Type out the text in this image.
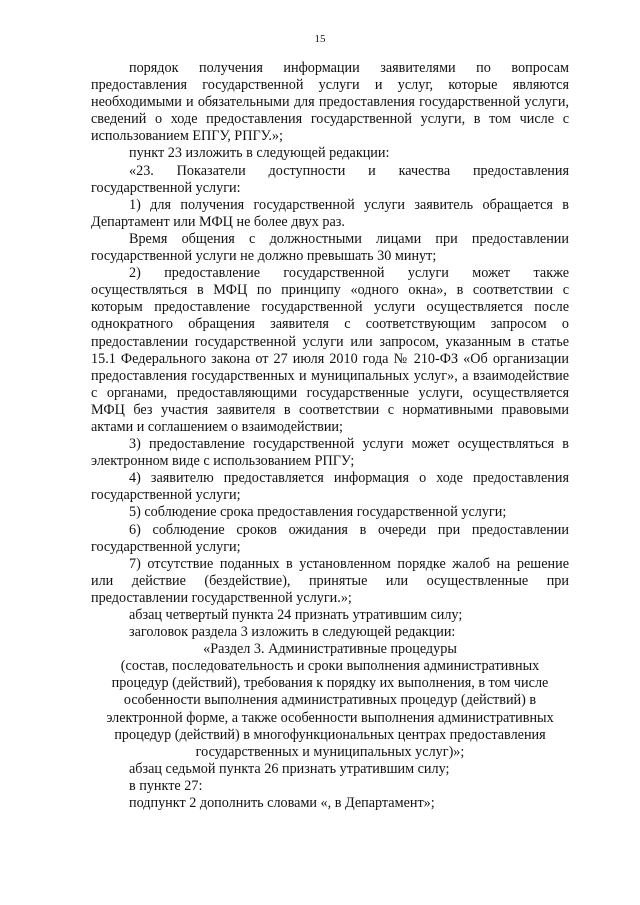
15

порядок получения информации заявителями по вопросам предоставления государственной услуги и услуг, которые являются необходимыми и обязательными для предоставления государственной услуги, сведений о ходе предоставления государственной услуги, в том числе с использованием ЕПГУ, РПГУ.»;

пункт 23 изложить в следующей редакции:

«23. Показатели доступности и качества предоставления государственной услуги:

1) для получения государственной услуги заявитель обращается в Департамент или МФЦ не более двух раз.

Время общения с должностными лицами при предоставлении государственной услуги не должно превышать 30 минут;

2) предоставление государственной услуги может также осуществляться в МФЦ по принципу «одного окна», в соответствии с которым предоставление государственной услуги осуществляется после однократного обращения заявителя с соответствующим запросом о предоставлении государственной услуги или запросом, указанным в статье 15.1 Федерального закона от 27 июля 2010 года № 210-ФЗ «Об организации предоставления государственных и муниципальных услуг», а взаимодействие с органами, предоставляющими государственные услуги, осуществляется МФЦ без участия заявителя в соответствии с нормативными правовыми актами и соглашением о взаимодействии;

3) предоставление государственной услуги может осуществляться в электронном виде с использованием РПГУ;

4) заявителю предоставляется информация о ходе предоставления государственной услуги;

5) соблюдение срока предоставления государственной услуги;

6) соблюдение сроков ожидания в очереди при предоставлении государственной услуги;

7) отсутствие поданных в установленном порядке жалоб на решение или действие (бездействие), принятые или осуществленные при предоставлении государственной услуги.»;

абзац четвертый пункта 24 признать утратившим силу;

заголовок раздела 3 изложить в следующей редакции:

«Раздел 3. Административные процедуры

(состав, последовательность и сроки выполнения административных процедур (действий), требования к порядку их выполнения, в том числе особенности выполнения административных процедур (действий) в электронной форме, а также особенности выполнения административных процедур (действий) в многофункциональных центрах предоставления государственных и муниципальных услуг)»;

абзац седьмой пункта 26 признать утратившим силу;

в пункте 27:

подпункт 2 дополнить словами «, в Департамент»;
